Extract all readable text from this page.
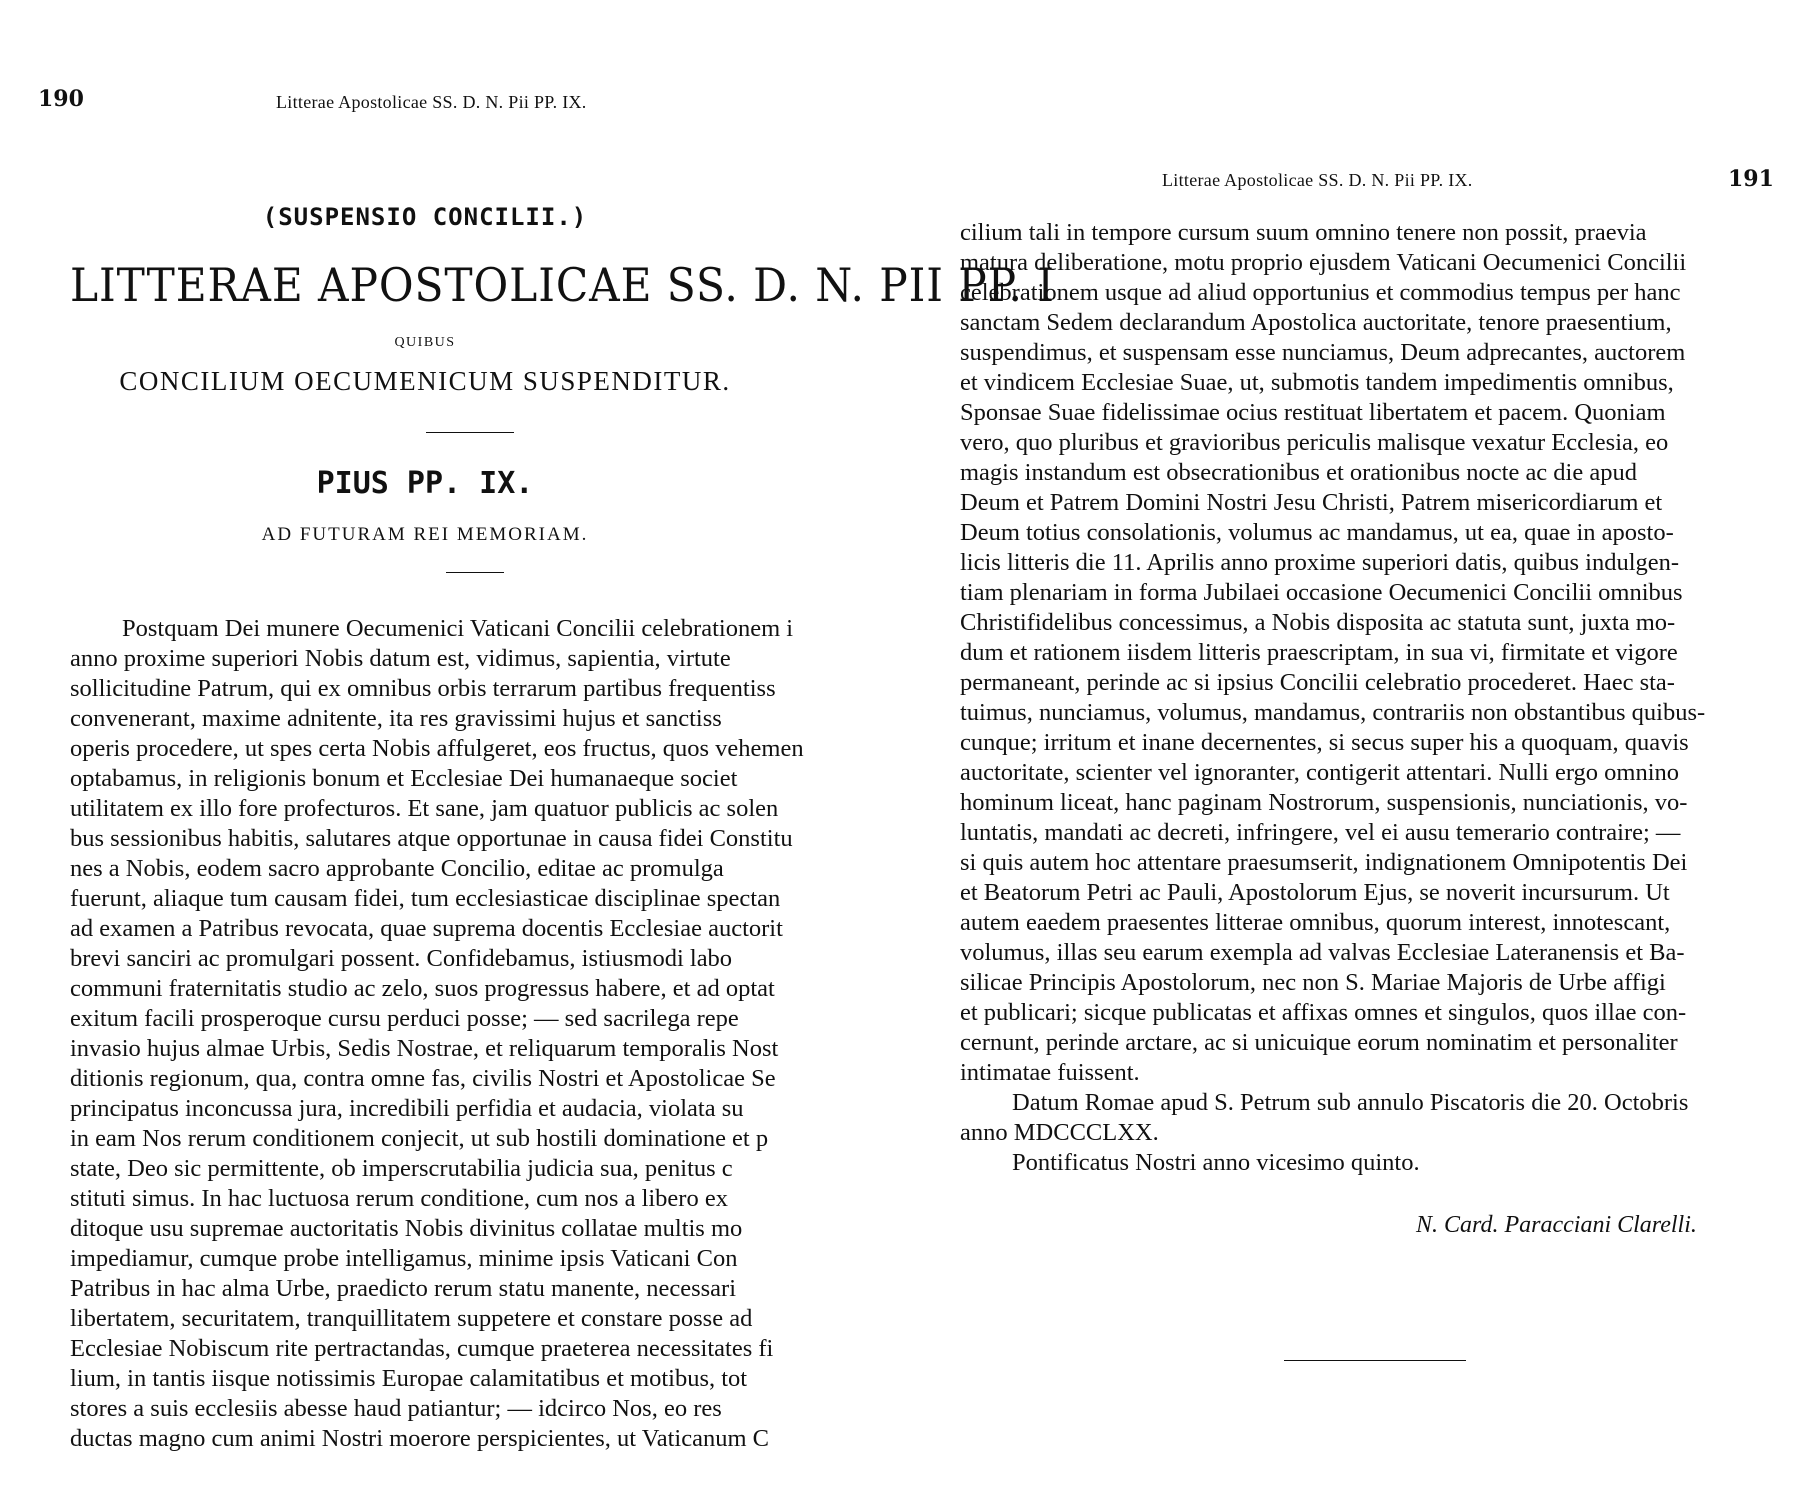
190	Litterae Apostolicae SS. D. N. Pii PP. IX.
(SUSPENSIO CONCILII.)
LITTERAE APOSTOLICAE SS. D. N. PII PP. I
QUIBUS
CONCILIUM OECUMENICUM SUSPENDITUR.
PIUS PP. IX.
AD FUTURAM REI MEMORIAM.
Postquam Dei munere Oecumenici Vaticani Concilii celebrationem i
anno proxime superiori Nobis datum est, vidimus, sapientia, virtute
sollicitudine Patrum, qui ex omnibus orbis terrarum partibus frequentiss
convenerant, maxime adnitente, ita res gravissimi hujus et sanctiss
operis procedere, ut spes certa Nobis affulgeret, eos fructus, quos vehemen
optabamus, in religionis bonum et Ecclesiae Dei humanaeque societ
utilitatem ex illo fore profecturos. Et sane, jam quatuor publicis ac solen
bus sessionibus habitis, salutares atque opportunae in causa fidei Constitu
nes a Nobis, eodem sacro approbante Concilio, editae ac promulga
fuerunt, aliaque tum causam fidei, tum ecclesiasticae disciplinae spectan
ad examen a Patribus revocata, quae suprema docentis Ecclesiae auctorit
brevi sanciri ac promulgari possent. Confidebamus, istiusmodi labo
communi fraternitatis studio ac zelo, suos progressus habere, et ad optat
exitum facili prosperoque cursu perduci posse; — sed sacrilega repe
invasio hujus almae Urbis, Sedis Nostrae, et reliquarum temporalis Nost
ditionis regionum, qua, contra omne fas, civilis Nostri et Apostolicae Se
principatus inconcussa jura, incredibili perfidia et audacia, violata su
in eam Nos rerum conditionem conjecit, ut sub hostili dominatione et p
state, Deo sic permittente, ob imperscrutabilia judicia sua, penitus c
stituti simus. In hac luctuosa rerum conditione, cum nos a libero ex
ditoque usu supremae auctoritatis Nobis divinitus collatae multis mo
impediamur, cumque probe intelligamus, minime ipsis Vaticani Con
Patribus in hac alma Urbe, praedicto rerum statu manente, necessari
libertatem, securitatem, tranquillitatem suppetere et constare posse ad
Ecclesiae Nobiscum rite pertractandas, cumque praeterea necessitates fi
lium, in tantis iisque notissimis Europae calamitatibus et motibus, tot
stores a suis ecclesiis abesse haud patiantur; — idcirco Nos, eo res
ductas magno cum animi Nostri moerore perspicientes, ut Vaticanum C
Litterae Apostolicae SS. D. N. Pii PP. IX.	191
cilium tali in tempore cursum suum omnino tenere non possit, praevia
matura deliberatione, motu proprio ejusdem Vaticani Oecumenici Concilii
celebrationem usque ad aliud opportunius et commodius tempus per hanc
sanctam Sedem declarandum Apostolica auctoritate, tenore praesentium,
suspendimus, et suspensam esse nunciamus, Deum adprecantes, auctorem
et vindicem Ecclesiae Suae, ut, submotis tandem impedimentis omnibus,
Sponsae Suae fidelissimae ocius restituat libertatem et pacem. Quoniam
vero, quo pluribus et gravioribus periculis malisque vexatur Ecclesia, eo
magis instandum est obsecrationibus et orationibus nocte ac die apud
Deum et Patrem Domini Nostri Jesu Christi, Patrem misericordiarum et
Deum totius consolationis, volumus ac mandamus, ut ea, quae in aposto-
licis litteris die 11. Aprilis anno proxime superiori datis, quibus indulgen-
tiam plenariam in forma Jubilaei occasione Oecumenici Concilii omnibus
Christifidelibus concessimus, a Nobis disposita ac statuta sunt, juxta mo-
dum et rationem iisdem litteris praescriptam, in sua vi, firmitate et vigore
permaneant, perinde ac si ipsius Concilii celebratio procederet. Haec sta-
tuimus, nunciamus, volumus, mandamus, contrariis non obstantibus quibus-
cunque; irritum et inane decernentes, si secus super his a quoquam, quavis
auctoritate, scienter vel ignoranter, contigerit attentari. Nulli ergo omnino
hominum liceat, hanc paginam Nostrorum, suspensionis, nunciationis, vo-
luntatis, mandati ac decreti, infringere, vel ei ausu temerario contraire; —
si quis autem hoc attentare praesumserit, indignationem Omnipotentis Dei
et Beatorum Petri ac Pauli, Apostolorum Ejus, se noverit incursurum. Ut
autem eaedem praesentes litterae omnibus, quorum interest, innotescant,
volumus, illas seu earum exempla ad valvas Ecclesiae Lateranensis et Ba-
silicae Principis Apostolorum, nec non S. Mariae Majoris de Urbe affigi
et publicari; sicque publicatas et affixas omnes et singulos, quos illae con-
cernunt, perinde arctare, ac si unicuique eorum nominatim et personaliter
intimatae fuissent.
Datum Romae apud S. Petrum sub annulo Piscatoris die 20. Octobris
anno MDCCCLXX.
Pontificatus Nostri anno vicesimo quinto.
N. Card. Paracciani Clarelli.
